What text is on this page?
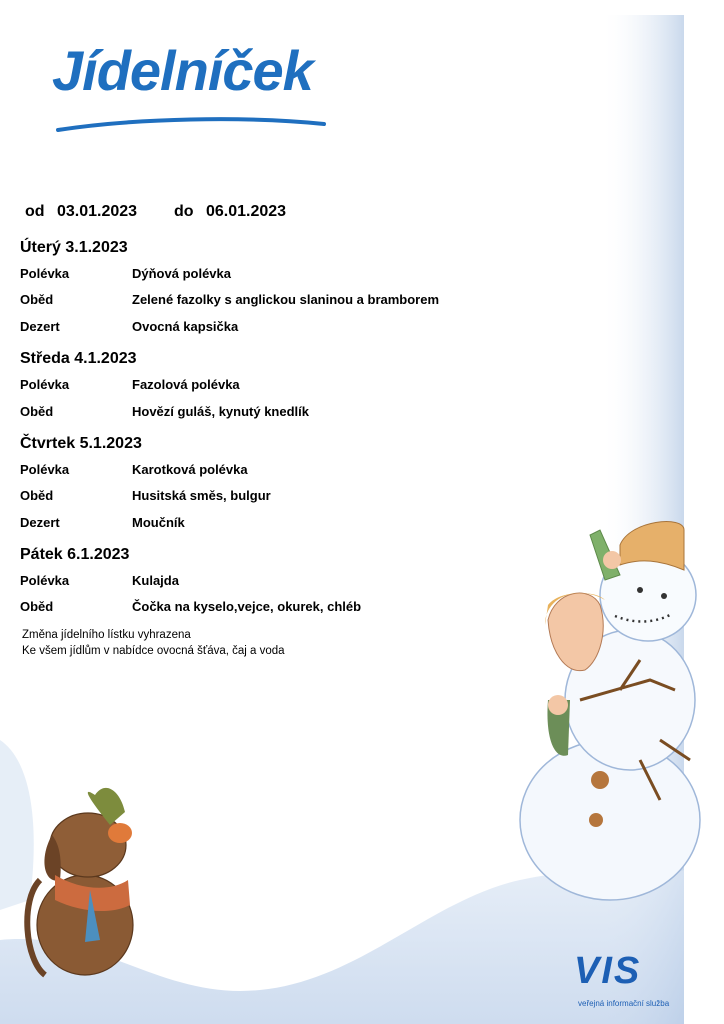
Jídelníček
od 03.01.2023 do 06.01.2023
Úterý 3.1.2023
Polévka	Dýňová polévka
Oběd	Zelené fazolky s anglickou slaninou a bramborem
Dezert	Ovocná kapsička
Středa 4.1.2023
Polévka	Fazolová polévka
Oběd	Hovězí guláš, kynutý knedlík
Čtvrtek 5.1.2023
Polévka	Karotková polévka
Oběd	Husitská směs, bulgur
Dezert	Moučník
Pátek 6.1.2023
Polévka	Kulajda
Oběd	Čočka na kyselo,vejce, okurek, chléb
Změna jídelního lístku vyhrazena
Ke všem jídlům v nabídce ovocná šťáva, čaj a voda
VIS
veřejná informační služba
